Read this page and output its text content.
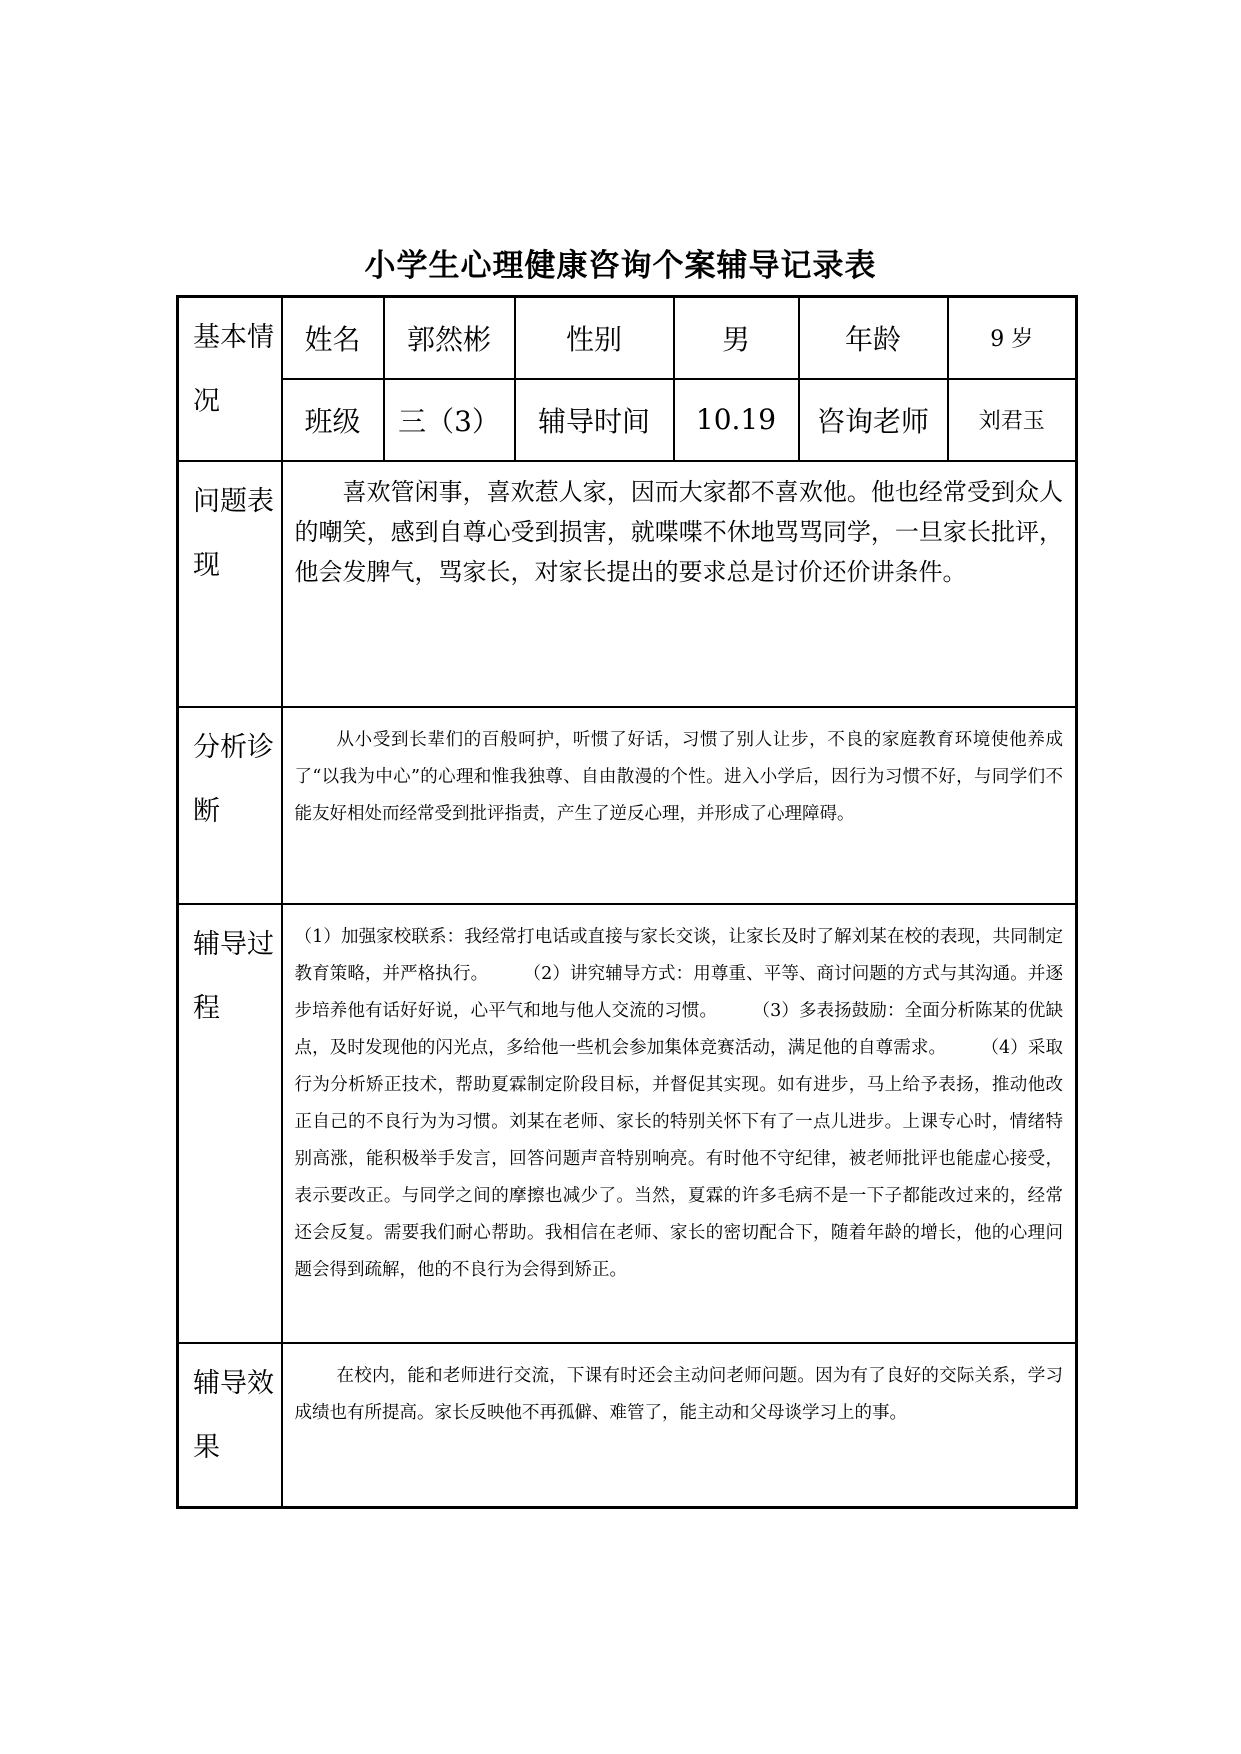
小学生心理健康咨询个案辅导记录表
基本情况	姓名	郭然彬	性别	男	年龄	9 岁
	班级	三（3）	辅导时间	10.19	咨询老师	刘君玉
问题表现	喜欢管闲事，喜欢惹人家，因而大家都不喜欢他。他也经常受到众人的嘲笑，感到自尊心受到损害，就喋喋不休地骂骂同学，一旦家长批评，他会发脾气，骂家长，对家长提出的要求总是讨价还价讲条件。					

分析诊断	从小受到长辈们的百般呵护，听惯了好话，习惯了别人让步，不良的家庭教育环境使他养成了“以我为中心”的心理和惟我独尊、自由散漫的个性。进入小学后，因行为习惯不好，与同学们不能友好相处而经常受到批评指责，产生了逆反心理，并形成了心理障碍。					

辅导过程	（1）加强家校联系：我经常打电话或直接与家长交谈，让家长及时了解刘某在校的表现，共同制定教育策略，并严格执行。　　　（2）讲究辅导方式：用尊重、平等、商讨问题的方式与其沟通。并逐步培养他有话好好说，心平气和地与他人交流的习惯。　　　（3）多表扬鼓励：全面分析陈某的优缺点，及时发现他的闪光点，多给他一些机会参加集体竞赛活动，满足他的自尊需求。　　　（4）采取行为分析矫正技术，帮助夏霖制定阶段目标，并督促其实现。如有进步，马上给予表扬，推动他改正自己的不良行为为习惯。刘某在老师、家长的特别关怀下有了一点儿进步。上课专心时，情绪特别高涨，能积极举手发言，回答问题声音特别响亮。有时他不守纪律，被老师批评也能虚心接受，表示要改正。与同学之间的摩擦也减少了。当然，夏霖的许多毛病不是一下子都能改过来的，经常还会反复。需要我们耐心帮助。我相信在老师、家长的密切配合下，随着年龄的增长，他的心理问题会得到疏解，他的不良行为会得到矫正。					

辅导效果	在校内，能和老师进行交流，下课有时还会主动问老师问题。因为有了良好的交际关系，学习成绩也有所提高。家长反映他不再孤僻、难管了，能主动和父母谈学习上的事。					
